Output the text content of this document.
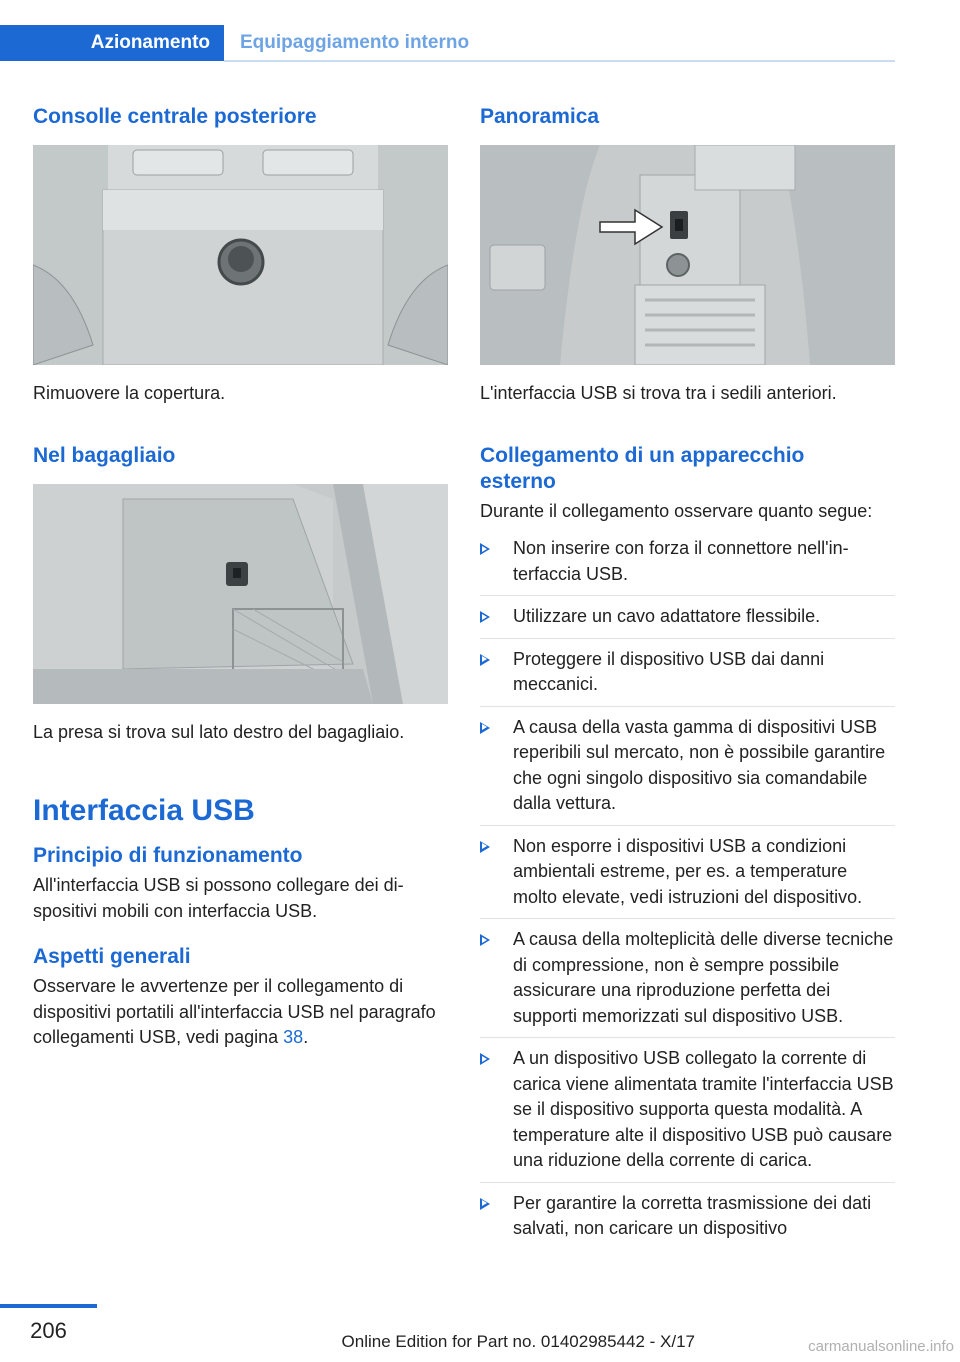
Azionamento	Equipaggiamento interno
Consolle centrale posteriore

Rimuovere la copertura.

Nel bagagliaio

La presa si trova sul lato destro del bagagliaio.

Interfaccia USB
Principio di funzionamento

All'interfaccia USB si possono collegare dei dispositivi mobili con interfaccia USB.

Aspetti generali

Osservare le avvertenze per il collegamento di dispositivi portatili all'interfaccia USB nel paragrafo collegamenti USB, vedi pagina 38.

Panoramica

L'interfaccia USB si trova tra i sedili anteriori.

Collegamento di un apparecchio esterno

Durante il collegamento osservare quanto segue:

Non inserire con forza il connettore nell'interfaccia USB.
Utilizzare un cavo adattatore flessibile.
Proteggere il dispositivo USB dai danni meccanici.
A causa della vasta gamma di dispositivi USB reperibili sul mercato, non è possibile garantire che ogni singolo dispositivo sia comandabile dalla vettura.
Non esporre i dispositivi USB a condizioni ambientali estreme, per es. a temperature molto elevate, vedi istruzioni del dispositivo.
A causa della molteplicità delle diverse tecniche di compressione, non è sempre possibile assicurare una riproduzione perfetta dei supporti memorizzati sul dispositivo USB.
A un dispositivo USB collegato la corrente di carica viene alimentata tramite l'interfaccia USB se il dispositivo supporta questa modalità. A temperature alte il dispositivo USB può causare una riduzione della corrente di carica.
Per garantire la corretta trasmissione dei dati salvati, non caricare un dispositivo
206	Online Edition for Part no. 01402985442 - X/17	carmanualsonline.info
